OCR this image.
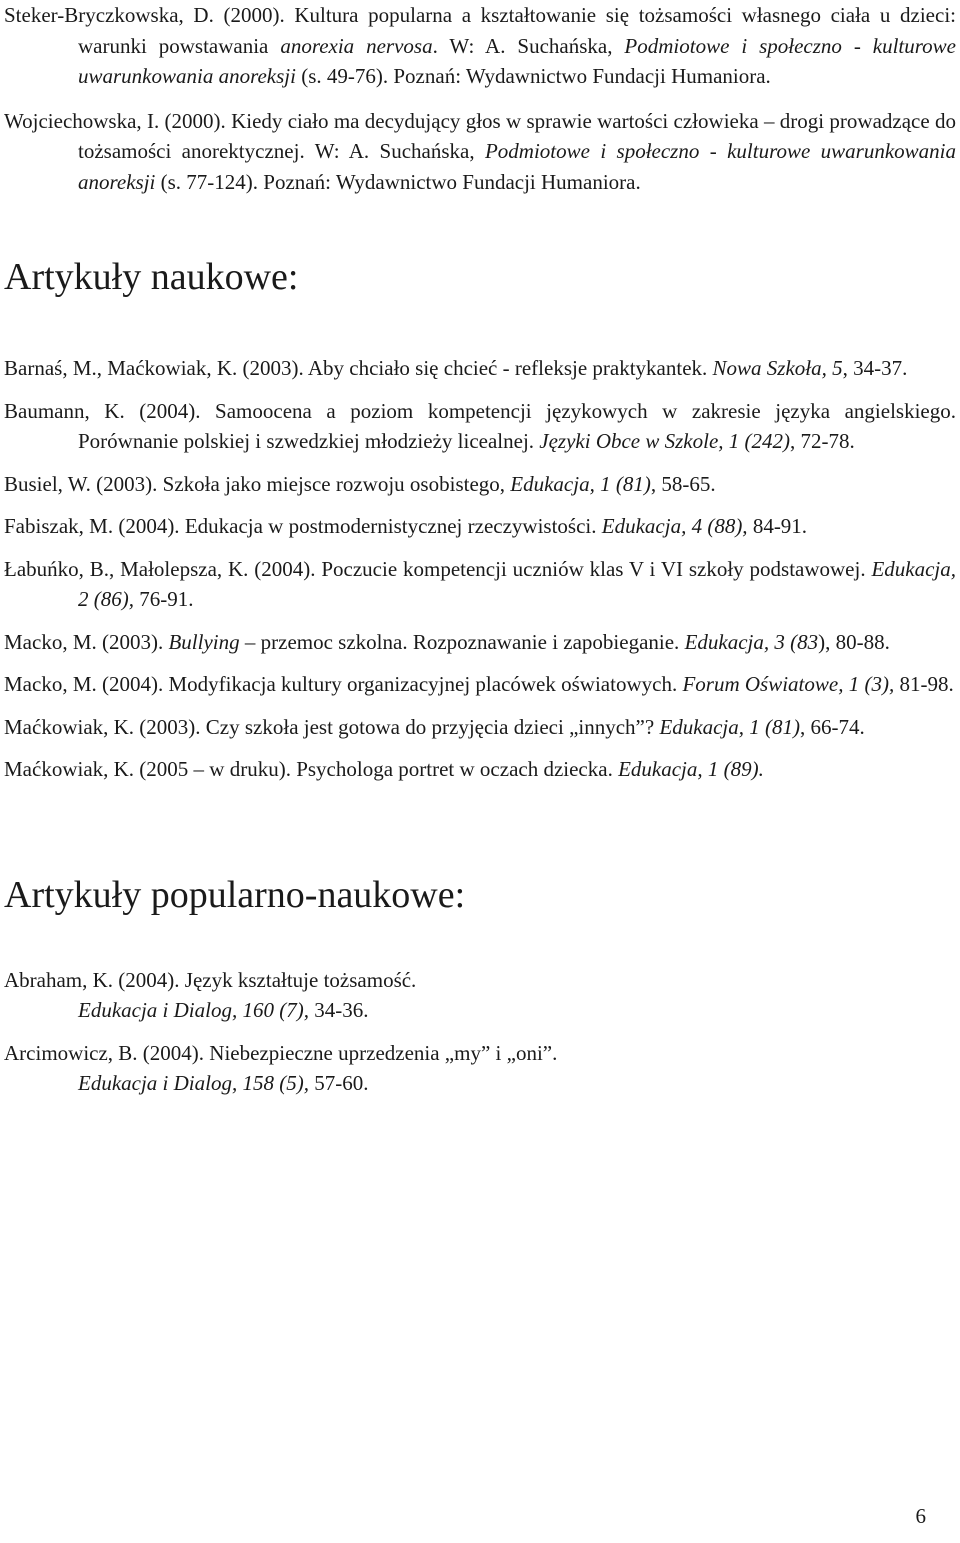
Steker-Bryczkowska, D. (2000). Kultura popularna a kształtowanie się tożsamości własnego ciała u dzieci: warunki powstawania anorexia nervosa. W: A. Suchańska, Podmiotowe i społeczno - kulturowe uwarunkowania anoreksji (s. 49-76). Poznań: Wydawnictwo Fundacji Humaniora.

Wojciechowska, I. (2000). Kiedy ciało ma decydujący głos w sprawie wartości człowieka – drogi prowadzące do tożsamości anorektycznej. W: A. Suchańska, Podmiotowe i społeczno - kulturowe uwarunkowania anoreksji (s. 77-124). Poznań: Wydawnictwo Fundacji Humaniora.

Artykuły naukowe:

Barnaś, M., Maćkowiak, K. (2003). Aby chciało się chcieć - refleksje praktykantek. Nowa Szkoła, 5, 34-37.

Baumann, K. (2004). Samoocena a poziom kompetencji językowych w zakresie języka angielskiego. Porównanie polskiej i szwedzkiej młodzieży licealnej. Języki Obce w Szkole, 1 (242), 72-78.

Busiel, W. (2003). Szkoła jako miejsce rozwoju osobistego, Edukacja, 1 (81), 58-65.

Fabiszak, M. (2004). Edukacja w postmodernistycznej rzeczywistości. Edukacja, 4 (88), 84-91.

Łabuńko, B., Małolepsza, K. (2004). Poczucie kompetencji uczniów klas V i VI szkoły podstawowej. Edukacja, 2 (86), 76-91.

Macko, M. (2003). Bullying – przemoc szkolna. Rozpoznawanie i zapobieganie. Edukacja, 3 (83), 80-88.

Macko, M. (2004). Modyfikacja kultury organizacyjnej placówek oświatowych. Forum Oświatowe, 1 (3), 81-98.

Maćkowiak, K. (2003). Czy szkoła jest gotowa do przyjęcia dzieci „innych”? Edukacja, 1 (81), 66-74.

Maćkowiak, K. (2005 – w druku). Psychologa portret w oczach dziecka. Edukacja, 1 (89).

Artykuły popularno-naukowe:

Abraham, K. (2004). Język kształtuje tożsamość.
Edukacja i Dialog, 160 (7), 34-36.

Arcimowicz, B. (2004). Niebezpieczne uprzedzenia „my” i „oni”.
Edukacja i Dialog, 158 (5), 57-60.

6
